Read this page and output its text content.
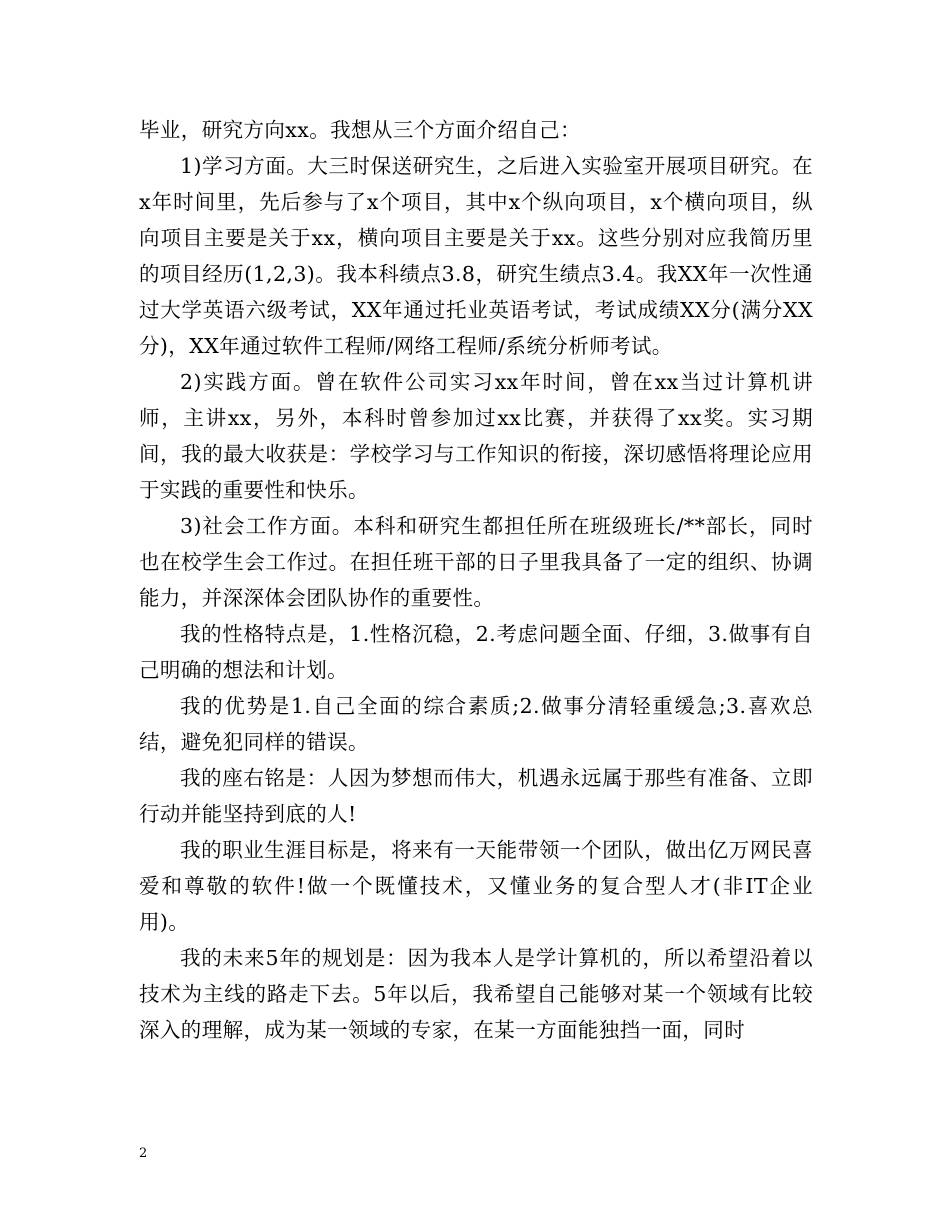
毕业，研究方向xx。我想从三个方面介绍自己：

1)学习方面。大三时保送研究生，之后进入实验室开展项目研究。在x年时间里，先后参与了x个项目，其中x个纵向项目，x个横向项目，纵向项目主要是关于xx，横向项目主要是关于xx。这些分别对应我简历里的项目经历(1,2,3)。我本科绩点3.8，研究生绩点3.4。我XX年一次性通过大学英语六级考试，XX年通过托业英语考试，考试成绩XX分(满分XX分)，XX年通过软件工程师/网络工程师/系统分析师考试。

2)实践方面。曾在软件公司实习xx年时间，曾在xx当过计算机讲师，主讲xx，另外，本科时曾参加过xx比赛，并获得了xx奖。实习期间，我的最大收获是：学校学习与工作知识的衔接，深切感悟将理论应用于实践的重要性和快乐。

3)社会工作方面。本科和研究生都担任所在班级班长/**部长，同时也在校学生会工作过。在担任班干部的日子里我具备了一定的组织、协调能力，并深深体会团队协作的重要性。

我的性格特点是，1.性格沉稳，2.考虑问题全面、仔细，3.做事有自己明确的想法和计划。

我的优势是1.自己全面的综合素质;2.做事分清轻重缓急;3.喜欢总结，避免犯同样的错误。

我的座右铭是：人因为梦想而伟大，机遇永远属于那些有准备、立即行动并能坚持到底的人!

我的职业生涯目标是，将来有一天能带领一个团队，做出亿万网民喜爱和尊敬的软件!做一个既懂技术，又懂业务的复合型人才(非IT企业用)。

我的未来5年的规划是：因为我本人是学计算机的，所以希望沿着以技术为主线的路走下去。5年以后，我希望自己能够对某一个领域有比较深入的理解，成为某一领域的专家，在某一方面能独挡一面，同时

2
